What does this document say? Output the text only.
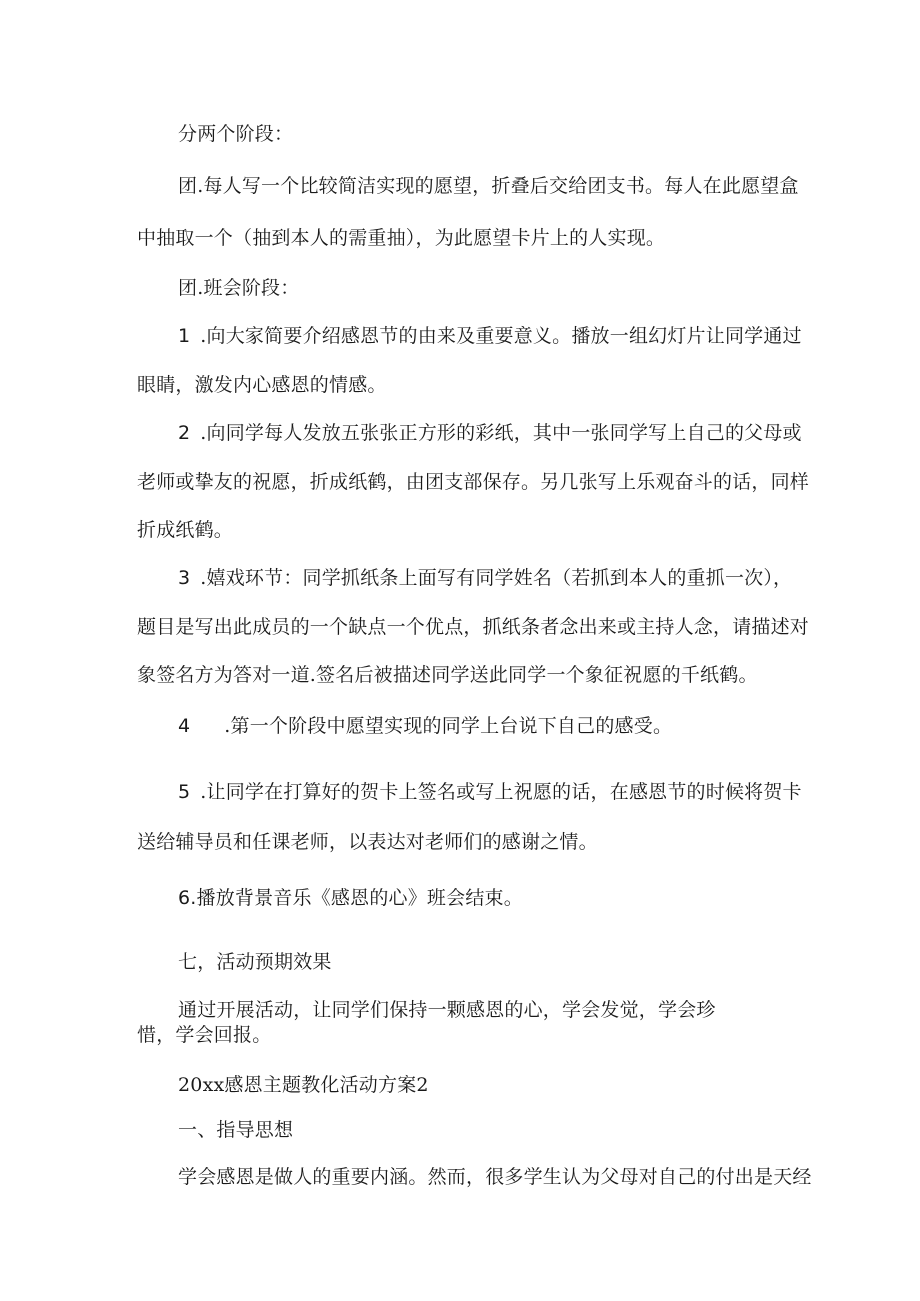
分两个阶段：
团.每人写一个比较简洁实现的愿望，折叠后交给团支书。每人在此愿望盒
中抽取一个（抽到本人的需重抽），为此愿望卡片上的人实现。
团.班会阶段：
1 .向大家简要介绍感恩节的由来及重要意义。播放一组幻灯片让同学通过
眼睛，激发内心感恩的情感。
2 .向同学每人发放五张张正方形的彩纸，其中一张同学写上自己的父母或
老师或挚友的祝愿，折成纸鹤，由团支部保存。另几张写上乐观奋斗的话，同样
折成纸鹤。
3 .嬉戏环节：同学抓纸条上面写有同学姓名（若抓到本人的重抓一次），
题目是写出此成员的一个缺点一个优点，抓纸条者念出来或主持人念，请描述对
象签名方为答对一道.签名后被描述同学送此同学一个象征祝愿的千纸鹤。
4 .第一个阶段中愿望实现的同学上台说下自己的感受。
5 .让同学在打算好的贺卡上签名或写上祝愿的话，在感恩节的时候将贺卡
送给辅导员和任课老师，以表达对老师们的感谢之情。
6.播放背景音乐《感恩的心》班会结束。
七，活动预期效果
通过开展活动，让同学们保持一颗感恩的心，学会发觉，学会珍
惜，学会回报。
20xx感恩主题教化活动方案2
一、指导思想
学会感恩是做人的重要内涵。然而，很多学生认为父母对自己的付出是天经
